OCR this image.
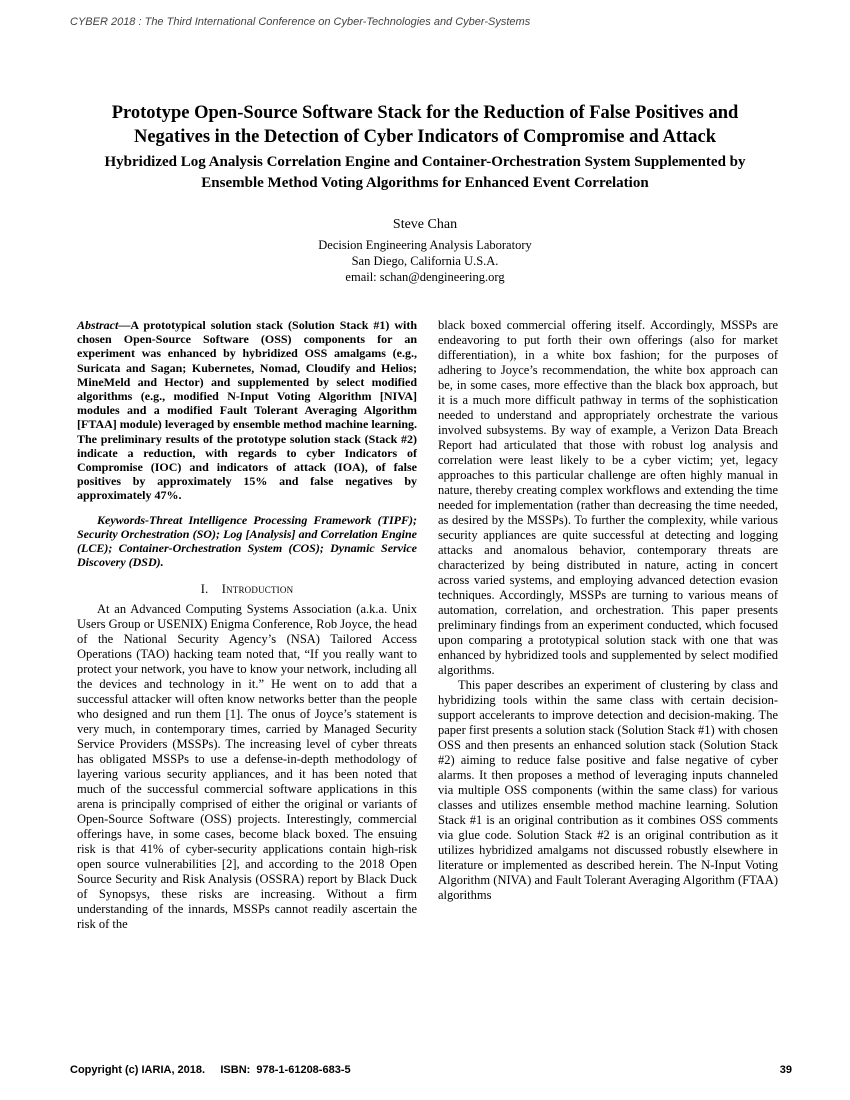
CYBER 2018 : The Third International Conference on Cyber-Technologies and Cyber-Systems
Prototype Open-Source Software Stack for the Reduction of False Positives and
Negatives in the Detection of Cyber Indicators of Compromise and Attack
Hybridized Log Analysis Correlation Engine and Container-Orchestration System Supplemented by
Ensemble Method Voting Algorithms for Enhanced Event Correlation
Steve Chan
Decision Engineering Analysis Laboratory
San Diego, California U.S.A.
email: schan@dengineering.org

Abstract—A prototypical solution stack (Solution Stack #1) with chosen Open-Source Software (OSS) components for an experiment was enhanced by hybridized OSS amalgams (e.g., Suricata and Sagan; Kubernetes, Nomad, Cloudify and Helios; MineMeld and Hector) and supplemented by select modified algorithms (e.g., modified N-Input Voting Algorithm [NIVA] modules and a modified Fault Tolerant Averaging Algorithm [FTAA] module) leveraged by ensemble method machine learning. The preliminary results of the prototype solution stack (Stack #2) indicate a reduction, with regards to cyber Indicators of Compromise (IOC) and indicators of attack (IOA), of false positives by approximately 15% and false negatives by approximately 47%.

Keywords-Threat Intelligence Processing Framework (TIPF); Security Orchestration (SO); Log [Analysis] and Correlation Engine (LCE); Container-Orchestration System (COS); Dynamic Service Discovery (DSD).

I. Introduction

At an Advanced Computing Systems Association (a.k.a. Unix Users Group or USENIX) Enigma Conference, Rob Joyce, the head of the National Security Agency’s (NSA) Tailored Access Operations (TAO) hacking team noted that, “If you really want to protect your network, you have to know your network, including all the devices and technology in it.” He went on to add that a successful attacker will often know networks better than the people who designed and run them [1]. The onus of Joyce’s statement is very much, in contemporary times, carried by Managed Security Service Providers (MSSPs). The increasing level of cyber threats has obligated MSSPs to use a defense-in-depth methodology of layering various security appliances, and it has been noted that much of the successful commercial software applications in this arena is principally comprised of either the original or variants of Open-Source Software (OSS) projects. Interestingly, commercial offerings have, in some cases, become black boxed. The ensuing risk is that 41% of cyber-security applications contain high-risk open source vulnerabilities [2], and according to the 2018 Open Source Security and Risk Analysis (OSSRA) report by Black Duck of Synopsys, these risks are increasing. Without a firm understanding of the innards, MSSPs cannot readily ascertain the risk of the

black boxed commercial offering itself. Accordingly, MSSPs are endeavoring to put forth their own offerings (also for market differentiation), in a white box fashion; for the purposes of adhering to Joyce’s recommendation, the white box approach can be, in some cases, more effective than the black box approach, but it is a much more difficult pathway in terms of the sophistication needed to understand and appropriately orchestrate the various involved subsystems. By way of example, a Verizon Data Breach Report had articulated that those with robust log analysis and correlation were least likely to be a cyber victim; yet, legacy approaches to this particular challenge are often highly manual in nature, thereby creating complex workflows and extending the time needed for implementation (rather than decreasing the time needed, as desired by the MSSPs). To further the complexity, while various security appliances are quite successful at detecting and logging attacks and anomalous behavior, contemporary threats are characterized by being distributed in nature, acting in concert across varied systems, and employing advanced detection evasion techniques. Accordingly, MSSPs are turning to various means of automation, correlation, and orchestration. This paper presents preliminary findings from an experiment conducted, which focused upon comparing a prototypical solution stack with one that was enhanced by hybridized tools and supplemented by select modified algorithms.

This paper describes an experiment of clustering by class and hybridizing tools within the same class with certain decision-support accelerants to improve detection and decision-making. The paper first presents a solution stack (Solution Stack #1) with chosen OSS and then presents an enhanced solution stack (Solution Stack #2) aiming to reduce false positive and false negative of cyber alarms. It then proposes a method of leveraging inputs channeled via multiple OSS components (within the same class) for various classes and utilizes ensemble method machine learning. Solution Stack #1 is an original contribution as it combines OSS comments via glue code. Solution Stack #2 is an original contribution as it utilizes hybridized amalgams not discussed robustly elsewhere in literature or implemented as described herein. The N-Input Voting Algorithm (NIVA) and Fault Tolerant Averaging Algorithm (FTAA) algorithms

Copyright (c) IARIA, 2018.     ISBN:  978-1-61208-683-5	39
